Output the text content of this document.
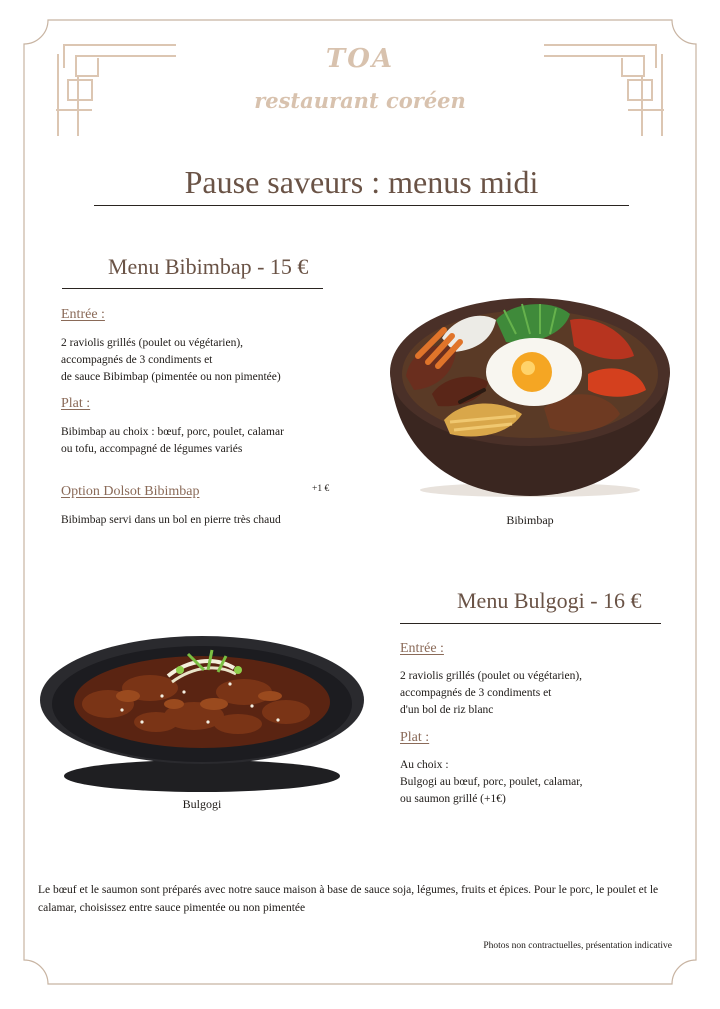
TOA
restaurant coréen
Pause saveurs : menus midi
Menu Bibimbap - 15 €
Entrée :
2 raviolis grillés (poulet ou végétarien),
accompagnés de 3 condiments et
de sauce Bibimbap (pimentée ou non pimentée)
Plat :
Bibimbap au choix : bœuf, porc, poulet, calamar
ou tofu, accompagné de légumes variés
Option Dolsot Bibimbap	+1 €
Bibimbap servi dans un bol en pierre très chaud	Bibimbap
Menu Bulgogi - 16 €
Entrée :
2 raviolis grillés (poulet ou végétarien),
accompagnés de 3 condiments et
d'un bol de riz blanc
Plat :
Au choix :
Bulgogi au bœuf, porc, poulet, calamar,
ou saumon grillé (+1€)
Bulgogi
Le bœuf et le saumon sont préparés avec notre sauce maison à base de sauce soja, légumes, fruits et épices. Pour le porc, le poulet et le calamar, choisissez entre sauce pimentée ou non pimentée
Photos non contractuelles, présentation indicative
